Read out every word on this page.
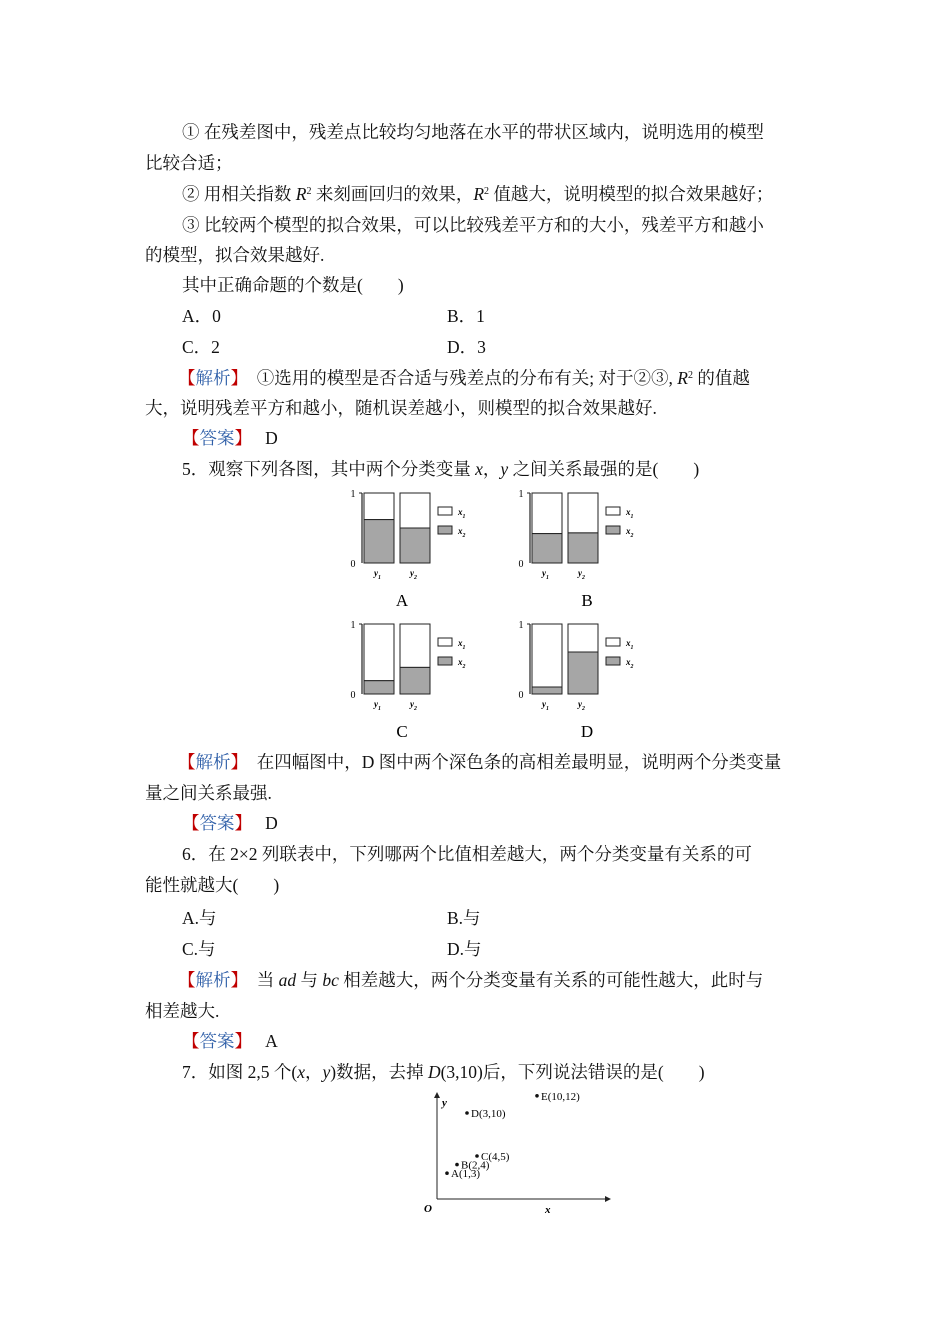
① 在残差图中，残差点比较均匀地落在水平的带状区域内，说明选用的模型
比较合适；
② 用相关指数 $R^2$ 来刻画回归的效果，$R^2$ 值越大，说明模型的拟合效果越好；
③ 比较两个模型的拟合效果，可以比较残差平方和的大小，残差平方和越小
的模型，拟合效果越好.
其中正确命题的个数是(　　)
A．0	B．1
C．2	D．3
【解析】　①选用的模型是否合适与残差点的分布有关; 对于②③, $R^2$ 的值越
大，说明残差平方和越小，随机误差越小，则模型的拟合效果越好.
【答案】　 D
5．观察下列各图，其中两个分类变量 x，y 之间关系最强的是(　　)
1
0
$y_1$	$y_2$
$x_1$
$x_2$
A
1
0
$y_1$	$y_2$
$x_1$
$x_2$
B
1
0
$y_1$	$y_2$
$x_1$
$x_2$
C
1
0
$y_1$	$y_2$
$x_1$
$x_2$
D
【解析】　在四幅图中，D 图中两个深色条的高相差最明显，说明两个分类变量
量之间关系最强.
【答案】　 D
6．在 2×2 列联表中，下列哪两个比值相差越大，两个分类变量有关系的可
能性就越大(　　)
A.与	B.与
C.与	D.与
【解析】　当 ad 与 bc 相差越大，两个分类变量有关系的可能性越大，此时与
相差越大.
【答案】　 A
7．如图 2,5 个(x，y)数据，去掉 D(3,10)后，下列说法错误的是(　　)
x
y
O
A(1,3)
B(2,4)
C(4,5)
D(3,10)
E(10,12)
